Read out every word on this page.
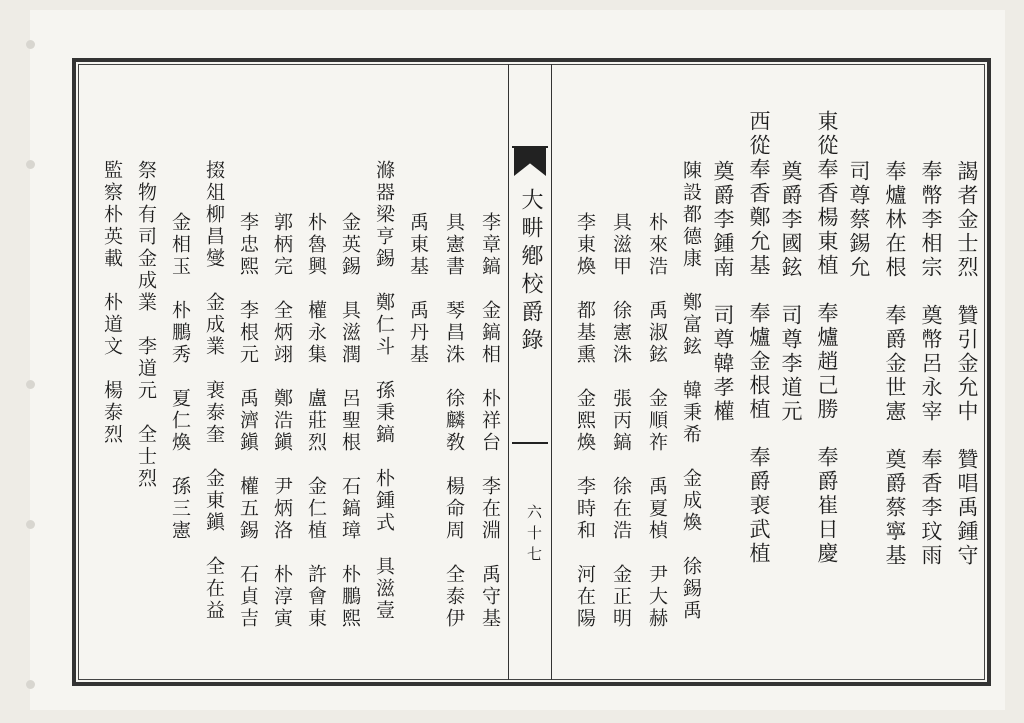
大畊鄕校爵錄
六十七	謁者金士烈　贊引金允中　贊唱禹鍾守
奉幣李相宗　奠幣呂永宰　奉香李玟雨
奉爐林在根　奉爵金世憲　奠爵蔡寧基
司尊蔡錫允
東從奉香楊東植　奉爐趙己勝　奉爵崔日慶
奠爵李國鉉　司尊李道元
西從奉香鄭允基　奉爐金根植　奉爵裵武植
奠爵李鍾南　司尊韓孝權
陳設都德康　鄭富鉉　韓秉希　金成煥　徐錫禹
朴來浩　禹淑鉉　金順祚　禹夏楨　尹大赫
具滋甲　徐憲洙　張丙鎬　徐在浩　金正明
李東煥　都基熏　金熙煥　李時和　河在陽
李章鎬　金鎬相　朴祥台　李在淵　禹守基
具憲書　琴昌洙　徐麟敎　楊命周　全泰伊
禹東基　禹丹基
滌器梁亨錫　鄭仁斗　孫秉鎬　朴鍾式　具滋壹
金英錫　具滋潤　呂聖根　石鎬璋　朴鵬熙
朴魯興　權永集　盧莊烈　金仁植　許會東
郭柄完　全炳翊　鄭浩鎭　尹炳洛　朴淳寅
李忠熙　李根元　禹濟鎭　權五錫　石貞吉
掇俎柳昌燮　金成業　裵泰奎　金東鎭　全在益
金相玉　朴鵬秀　夏仁煥　孫三憲
祭物有司金成業　李道元　全士烈
監察朴英載　朴道文　楊泰烈
